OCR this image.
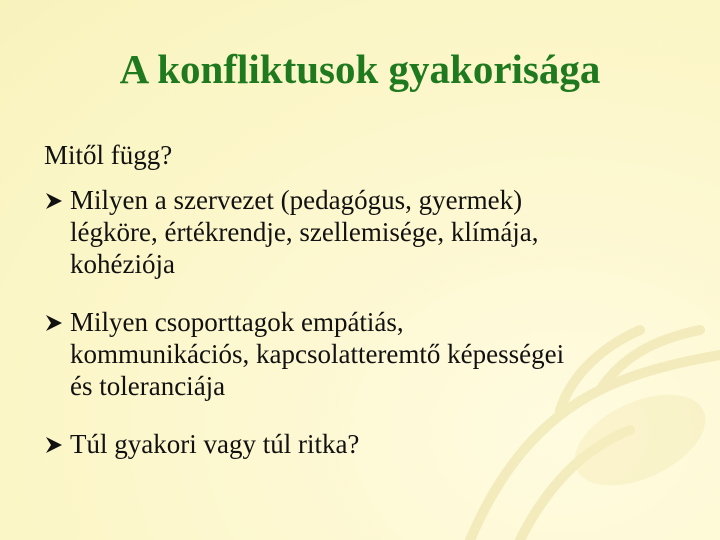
A konfliktusok gyakorisága
Mitől függ?
Milyen a szervezet (pedagógus, gyermek)
légköre, értékrendje, szellemisége, klímája,
kohéziója
Milyen csoporttagok empátiás,
kommunikációs, kapcsolatteremtő képességei
és toleranciája
Túl gyakori vagy túl ritka?
